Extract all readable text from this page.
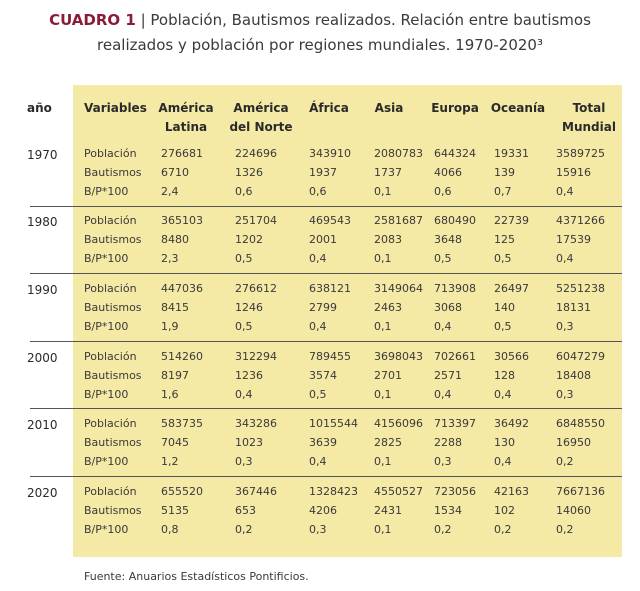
CUADRO 1 | Población, Bautismos realizados. Relación entre bautismos
realizados y población por regiones mundiales. 1970-2020³
año	Variables América
Latina
América
del Norte
África	Asia	Europa	Oceanía	Total
Mundial
1970 Población 276681	224696	343910 2080783 644324 19331 3589725
Bautismos 6710	1326	1937	1737	4066	139	15916
B/P*100	2,4	0,6	0,6	0,1	0,6	0,7	0,4
1980 Población 365103	251704	469543 2581687 680490 22739 4371266
Bautismos 8480	1202	2001	2083	3648	125	17539
B/P*100	2,3	0,5	0,4	0,1	0,5	0,5	0,4
1990 Población 447036	276612	638121 3149064 713908 26497 5251238
Bautismos 8415	1246	2799	2463	3068	140	18131
B/P*100	1,9	0,5	0,4	0,1	0,4	0,5	0,3
2000 Población 514260	312294	789455 3698043 702661 30566 6047279
Bautismos 8197	1236	3574	2701	2571	128	18408
B/P*100	1,6	0,4	0,5	0,1	0,4	0,4	0,3
2010 Población 583735	343286	1015544 4156096 713397 36492 6848550
Bautismos 7045	1023	3639	2825	2288	130	16950
B/P*100	1,2	0,3	0,4	0,1	0,3	0,4	0,2
2020 Población 655520	367446	1328423 4550527 723056 42163 7667136
Bautismos 5135	653	4206	2431	1534	102	14060
B/P*100	0,8	0,2	0,3	0,1	0,2	0,2	0,2
Fuente: Anuarios Estadísticos Pontificios.
